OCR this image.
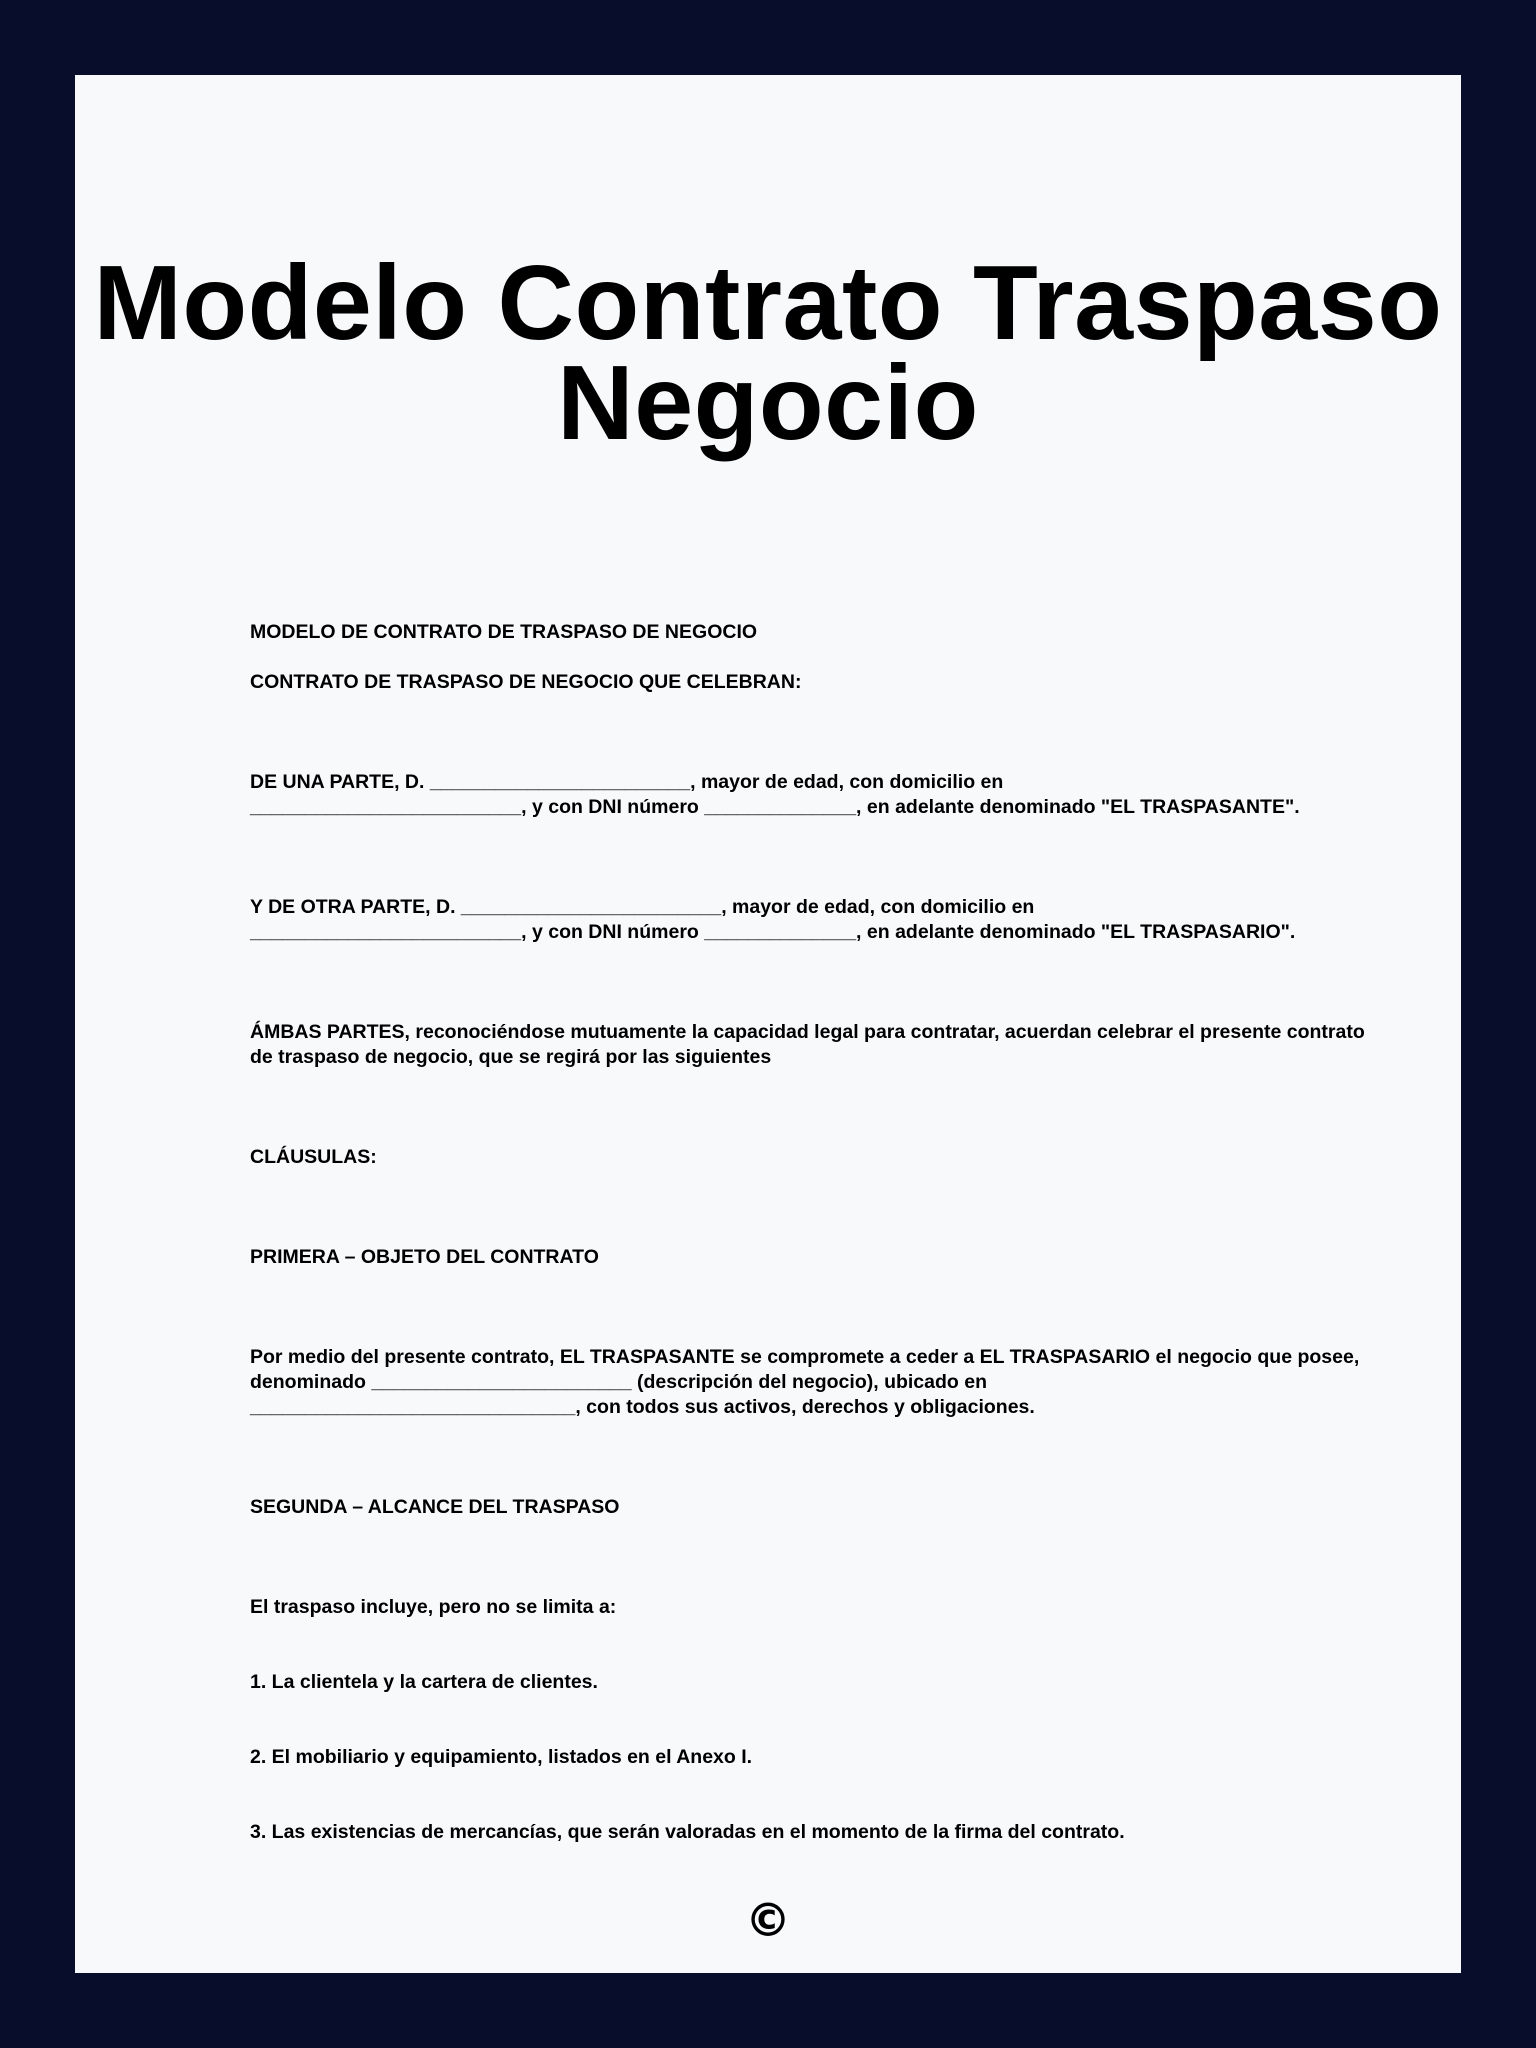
Modelo Contrato Traspaso Negocio

MODELO DE CONTRATO DE TRASPASO DE NEGOCIO

CONTRATO DE TRASPASO DE NEGOCIO QUE CELEBRAN:

DE UNA PARTE, D. ________________________, mayor de edad, con domicilio en
_________________________, y con DNI número ______________, en adelante denominado "EL TRASPASANTE".

Y DE OTRA PARTE, D. ________________________, mayor de edad, con domicilio en
_________________________, y con DNI número ______________, en adelante denominado "EL TRASPASARIO".

ÁMBAS PARTES, reconociéndose mutuamente la capacidad legal para contratar, acuerdan celebrar el presente contrato de traspaso de negocio, que se regirá por las siguientes

CLÁUSULAS:

PRIMERA – OBJETO DEL CONTRATO

Por medio del presente contrato, EL TRASPASANTE se compromete a ceder a EL TRASPASARIO el negocio que posee, denominado ________________________ (descripción del negocio), ubicado en
______________________________, con todos sus activos, derechos y obligaciones.

SEGUNDA – ALCANCE DEL TRASPASO

El traspaso incluye, pero no se limita a:

1. La clientela y la cartera de clientes.

2. El mobiliario y equipamiento, listados en el Anexo I.

3. Las existencias de mercancías, que serán valoradas en el momento de la firma del contrato.

©
